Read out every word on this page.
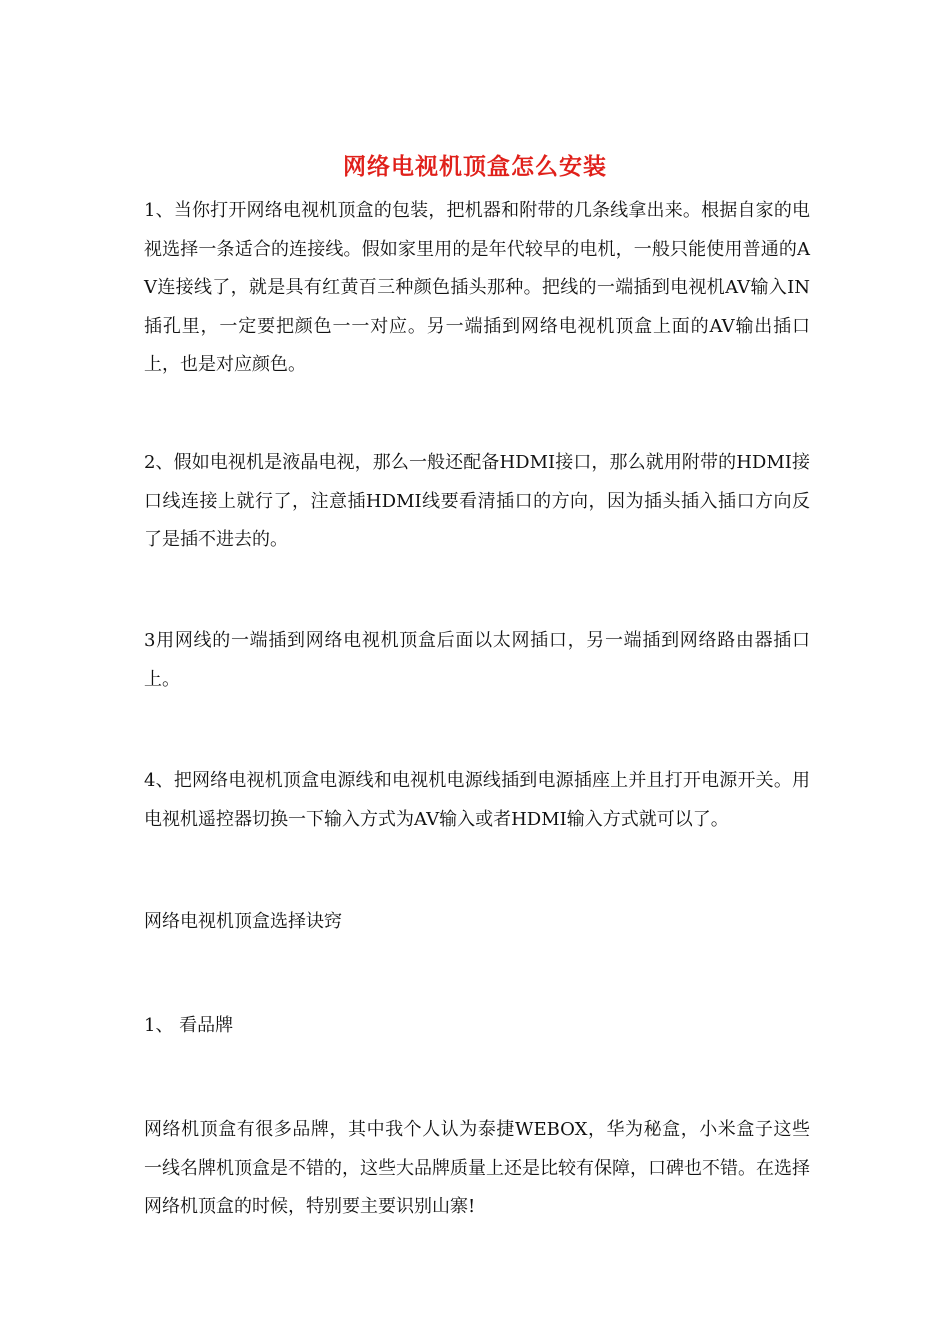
网络电视机顶盒怎么安装
1、当你打开网络电视机顶盒的包装，把机器和附带的几条线拿出来。根据自家的电视选择一条适合的连接线。假如家里用的是年代较早的电机，一般只能使用普通的AV连接线了，就是具有红黄百三种颜色插头那种。把线的一端插到电视机AV输入IN插孔里，一定要把颜色一一对应。另一端插到网络电视机顶盒上面的AV输出插口上，也是对应颜色。
2、假如电视机是液晶电视，那么一般还配备HDMI接口，那么就用附带的HDMI接口线连接上就行了，注意插HDMI线要看清插口的方向，因为插头插入插口方向反了是插不进去的。
3用网线的一端插到网络电视机顶盒后面以太网插口，另一端插到网络路由器插口上。
4、把网络电视机顶盒电源线和电视机电源线插到电源插座上并且打开电源开关。用电视机遥控器切换一下输入方式为AV输入或者HDMI输入方式就可以了。
网络电视机顶盒选择诀窍
1、 看品牌
网络机顶盒有很多品牌，其中我个人认为泰捷WEBOX，华为秘盒，小米盒子这些一线名牌机顶盒是不错的，这些大品牌质量上还是比较有保障，口碑也不错。在选择网络机顶盒的时候，特别要主要识别山寨!
